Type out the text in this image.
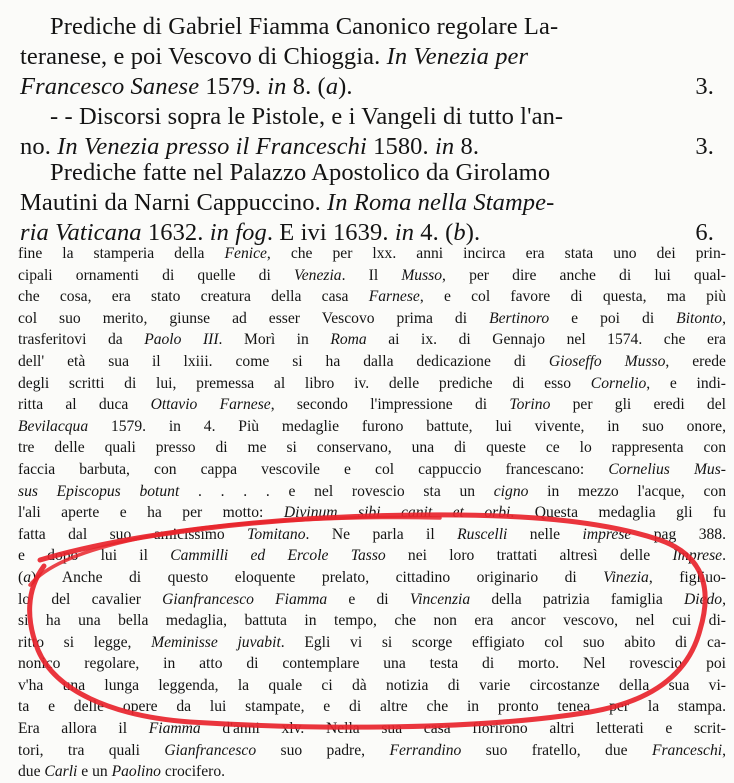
Prediche di Gabriel Fiamma Canonico regolare La-
teranese, e poi Vescovo di Chioggia. In Venezia per
Francesco Sanese 1579. in 8. (a).	3.
- - Discorsi sopra le Pistole, e i Vangeli di tutto l'an-
no. In Venezia presso il Franceschi 1580. in 8.	3.
Prediche fatte nel Palazzo Apostolico da Girolamo
Mautini da Narni Cappuccino. In Roma nella Stampe-
ria Vaticana 1632. in fog. E ivi 1639. in 4. (b).	6.
fine la stamperia della Fenice, che per lxx. anni incirca era stata uno dei prin-
cipali ornamenti di quelle di Venezia. Il Musso, per dire anche di lui qual-
che cosa, era stato creatura della casa Farnese, e col favore di questa, ma più
col suo merito, giunse ad esser Vescovo prima di Bertinoro e poi di Bitonto,
trasferitovi da Paolo III. Morì in Roma ai ix. di Gennajo nel 1574. che era
dell' età sua il lxiii. come si ha dalla dedicazione di Gioseffo Musso, erede
degli scritti di lui, premessa al libro iv. delle prediche di esso Cornelio, e indi-
ritta al duca Ottavio Farnese, secondo l'impressione di Torino per gli eredi del
Bevilacqua 1579. in 4. Più medaglie furono battute, lui vivente, in suo onore,
tre delle quali presso di me si conservano, una di queste ce lo rappresenta con
faccia barbuta, con cappa vescovile e col cappuccio francescano: Cornelius Mus-
sus Episcopus botunt . . . . e nel rovescio sta un cigno in mezzo l'acque, con
l'ali aperte e ha per motto: Divinum sibi canit et orbi. Questa medaglia gli fu
fatta dal suo amicissimo Tomitano. Ne parla il Ruscelli nelle imprese pag 388.
e dopo lui il Cammilli ed Ercole Tasso nei loro trattati altresì delle Imprese.
(a) Anche di questo eloquente prelato, cittadino originario di Vinezia, figliuo-
lo del cavalier Gianfrancesco Fiamma e di Vincenzia della patrizia famiglia Diedo,
si ha una bella medaglia, battuta in tempo, che non era ancor vescovo, nel cui di-
ritto si legge, Meminisse juvabit. Egli vi si scorge effigiato col suo abito di ca-
nonico regolare, in atto di contemplare una testa di morto. Nel rovescio poi
v'ha una lunga leggenda, la quale ci dà notizia di varie circostanze della sua vi-
ta e delle opere da lui stampate, e di altre che in pronto tenea per la stampa.
Era allora il Fiamma d'anni xlv. Nella sua casa fiorirono altri letterati e scrit-
tori, tra quali Gianfrancesco suo padre, Ferrandino suo fratello, due Franceschi,
due Carli e un Paolino crocifero.
